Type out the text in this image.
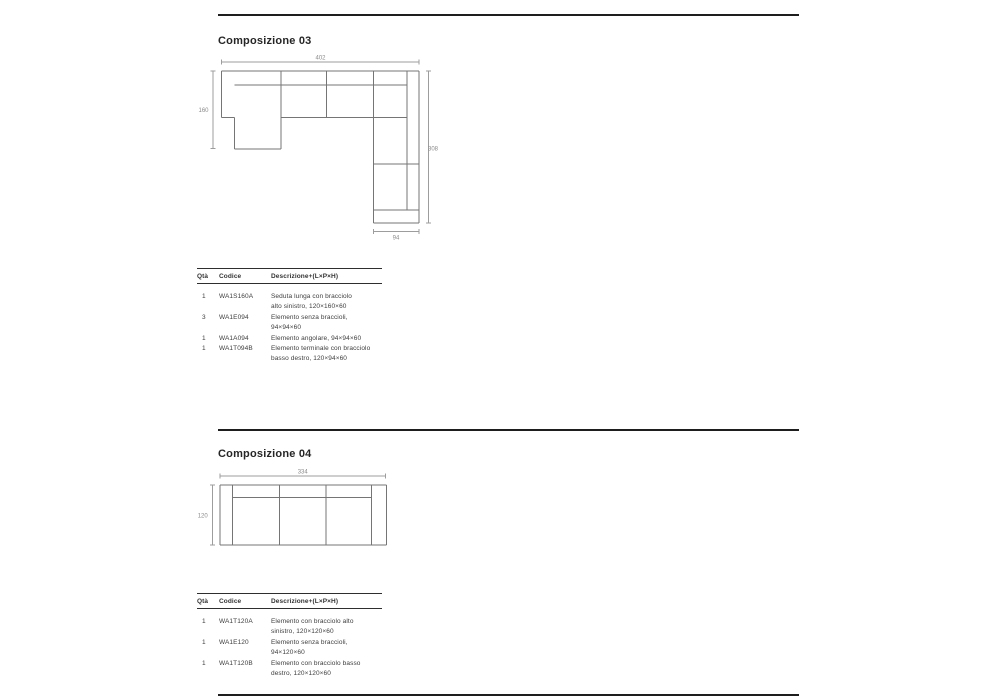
Composizione 03
402
160
308
94
Qtà	Codice	Descrizione+(L×P×H)
1	WA1S160A	Seduta lunga con bracciolo
alto sinistro, 120×160×60
3	WA1E094	Elemento senza braccioli,
94×94×60
1	WA1A094	Elemento angolare, 94×94×60
1	WA1T094B	Elemento terminale con bracciolo
basso destro, 120×94×60
Composizione 04
334
120
Qtà	Codice	Descrizione+(L×P×H)
1	WA1T120A	Elemento con bracciolo alto
sinistro, 120×120×60
1	WA1E120	Elemento senza braccioli,
94×120×60
1	WA1T120B	Elemento con bracciolo basso
destro, 120×120×60
